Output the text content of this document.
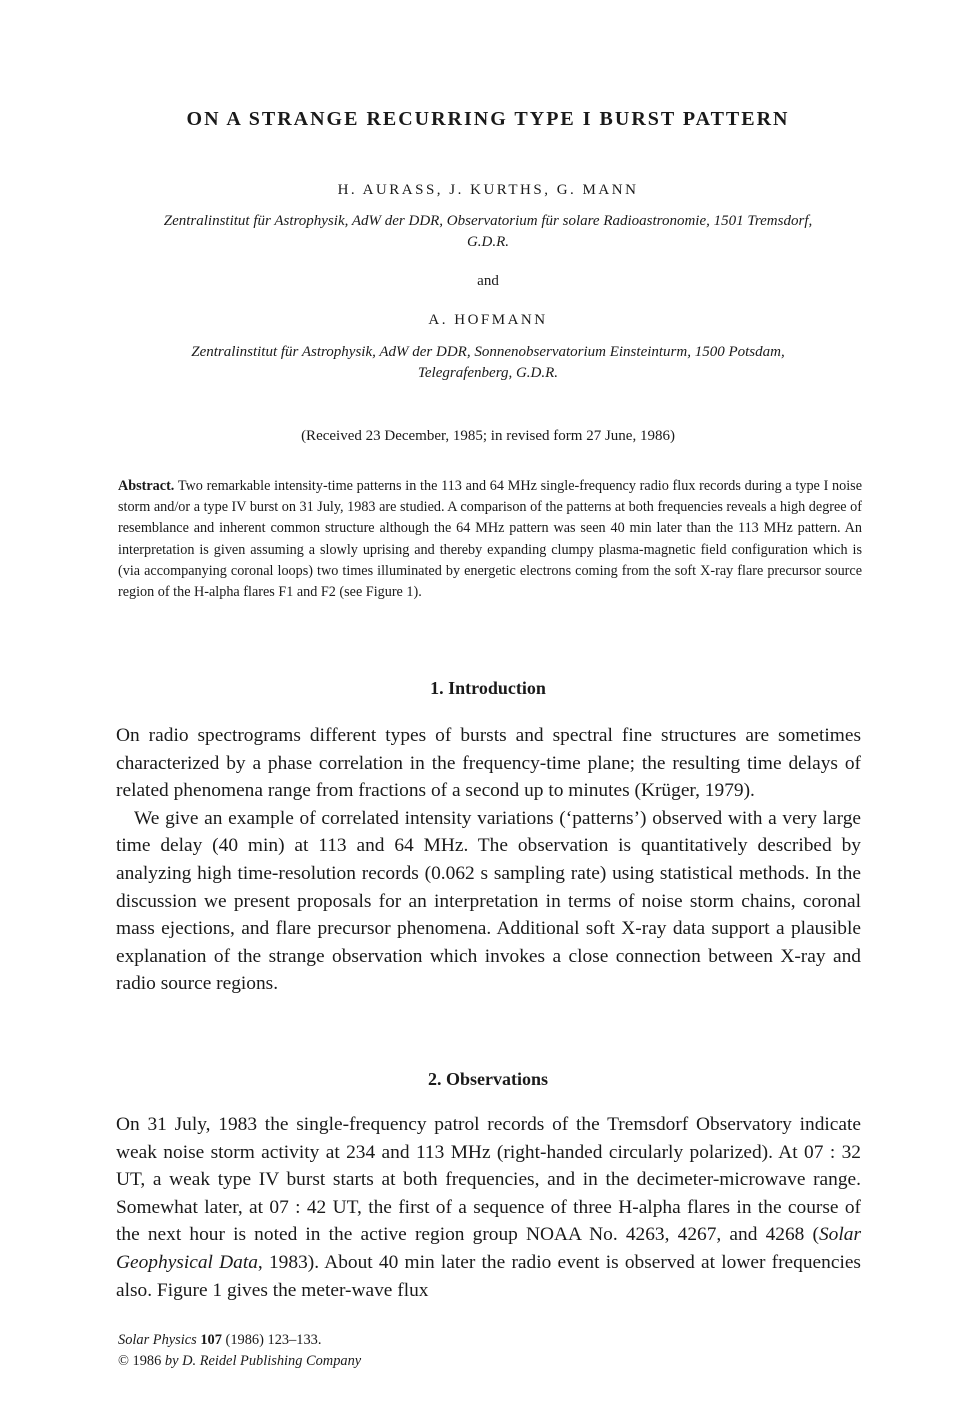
ON A STRANGE RECURRING TYPE I BURST PATTERN
H. AURASS, J. KURTHS, G. MANN
Zentralinstitut für Astrophysik, AdW der DDR, Observatorium für solare Radioastronomie, 1501 Tremsdorf,
G.D.R.
and
A. HOFMANN
Zentralinstitut für Astrophysik, AdW der DDR, Sonnenobservatorium Einsteinturm, 1500 Potsdam,
Telegrafenberg, G.D.R.
(Received 23 December, 1985; in revised form 27 June, 1986)
Abstract. Two remarkable intensity-time patterns in the 113 and 64 MHz single-frequency radio flux records during a type I noise storm and/or a type IV burst on 31 July, 1983 are studied. A comparison of the patterns at both frequencies reveals a high degree of resemblance and inherent common structure although the 64 MHz pattern was seen 40 min later than the 113 MHz pattern. An interpretation is given assuming a slowly uprising and thereby expanding clumpy plasma-magnetic field configuration which is (via accompanying coronal loops) two times illuminated by energetic electrons coming from the soft X-ray flare precursor source region of the H-alpha flares F1 and F2 (see Figure 1).
1. Introduction

On radio spectrograms different types of bursts and spectral fine structures are sometimes characterized by a phase correlation in the frequency-time plane; the resulting time delays of related phenomena range from fractions of a second up to minutes (Krüger, 1979).

We give an example of correlated intensity variations (‘patterns’) observed with a very large time delay (40 min) at 113 and 64 MHz. The observation is quantitatively described by analyzing high time-resolution records (0.062 s sampling rate) using statistical methods. In the discussion we present proposals for an interpretation in terms of noise storm chains, coronal mass ejections, and flare precursor phenomena. Additional soft X-ray data support a plausible explanation of the strange observation which invokes a close connection between X-ray and radio source regions.

2. Observations

On 31 July, 1983 the single-frequency patrol records of the Tremsdorf Observatory indicate weak noise storm activity at 234 and 113 MHz (right-handed circularly polarized). At 07 : 32 UT, a weak type IV burst starts at both frequencies, and in the decimeter-microwave range. Somewhat later, at 07 : 42 UT, the first of a sequence of three H-alpha flares in the course of the next hour is noted in the active region group NOAA No. 4263, 4267, and 4268 (Solar Geophysical Data, 1983). About 40 min later the radio event is observed at lower frequencies also. Figure 1 gives the meter-wave flux

Solar Physics 107 (1986) 123–133.
© 1986 by D. Reidel Publishing Company
